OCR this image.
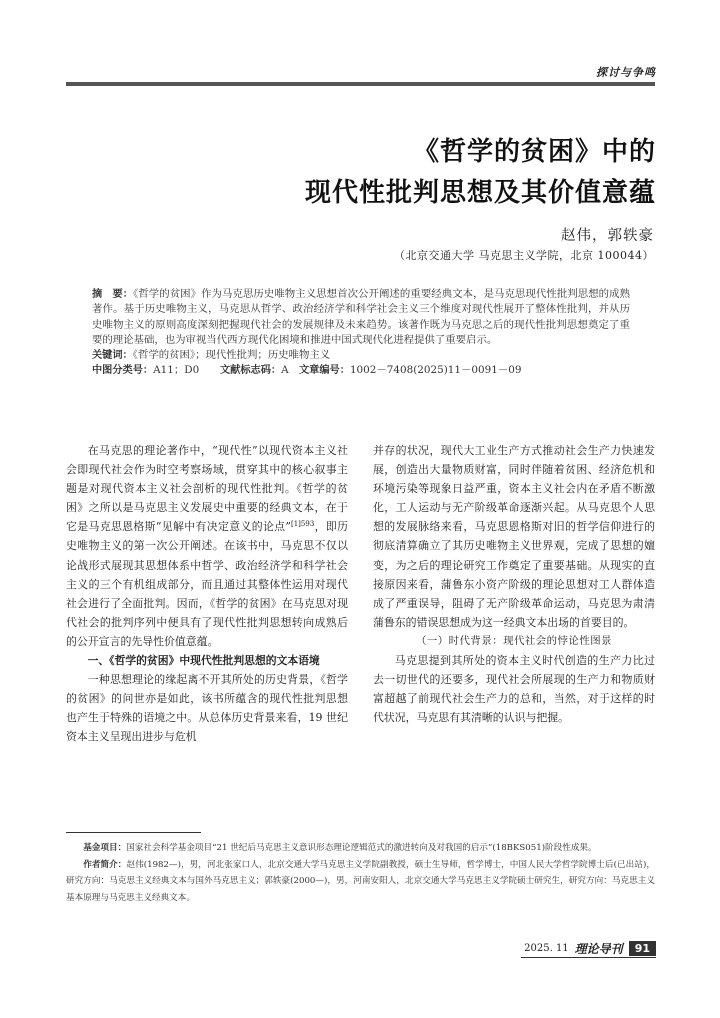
探讨与争鸣
《哲学的贫困》中的
现代性批判思想及其价值意蕴
赵伟，郭轶豪
（北京交通大学 马克思主义学院，北京 100044）

摘　要：《哲学的贫困》作为马克思历史唯物主义思想首次公开阐述的重要经典文本，是马克思现代性批判思想的成熟著作。基于历史唯物主义，马克思从哲学、政治经济学和科学社会主义三个维度对现代性展开了整体性批判，并从历史唯物主义的原则高度深刻把握现代社会的发展规律及未来趋势。该著作既为马克思之后的现代性批判思想奠定了重要的理论基础，也为审视当代西方现代化困境和推进中国式现代化进程提供了重要启示。

关键词：《哲学的贫困》；现代性批判；历史唯物主义

中图分类号：A11；D0　　 文献标志码：A　 文章编号：1002－7408(2025)11－0091－09

在马克思的理论著作中，“现代性”以现代资本主义社会即现代社会作为时空考察场域，贯穿其中的核心叙事主题是对现代资本主义社会剖析的现代性批判。《哲学的贫困》之所以是马克思主义发展史中重要的经典文本，在于它是马克思恩格斯“见解中有决定意义的论点”$^{[1]593}$，即历史唯物主义的第一次公开阐述。在该书中，马克思不仅以论战形式展现其思想体系中哲学、政治经济学和科学社会主义的三个有机组成部分，而且通过其整体性运用对现代社会进行了全面批判。因而，《哲学的贫困》在马克思对现代社会的批判序列中便具有了现代性批判思想转向成熟后的公开宣言的先导性价值意蕴。

一、《哲学的贫困》中现代性批判思想的文本语境

一种思想理论的缘起离不开其所处的历史背景，《哲学的贫困》的问世亦是如此，该书所蕴含的现代性批判思想也产生于特殊的语境之中。从总体历史背景来看，19 世纪资本主义呈现出进步与危机

并存的状况，现代大工业生产方式推动社会生产力快速发展，创造出大量物质财富，同时伴随着贫困、经济危机和环境污染等现象日益严重，资本主义社会内在矛盾不断激化，工人运动与无产阶级革命逐渐兴起。从马克思个人思想的发展脉络来看，马克思恩格斯对旧的哲学信仰进行的彻底清算确立了其历史唯物主义世界观，完成了思想的嬗变，为之后的理论研究工作奠定了重要基础。从现实的直接原因来看，蒲鲁东小资产阶级的理论思想对工人群体造成了严重误导，阻碍了无产阶级革命运动，马克思为肃清蒲鲁东的错误思想成为这一经典文本出场的首要目的。

（一）时代背景：现代社会的悖论性图景

马克思提到其所处的资本主义时代创造的生产力比过去一切世代的还要多，现代社会所展现的生产力和物质财富超越了前现代社会生产力的总和，当然，对于这样的时代状况，马克思有其清晰的认识与把握。

基金项目：国家社会科学基金项目“21 世纪后马克思主义意识形态理论逻辑范式的激进转向及对我国的启示”(18BKS051)阶段性成果。

作者简介：赵伟(1982—)，男，河北张家口人，北京交通大学马克思主义学院副教授，硕士生导师，哲学博士，中国人民大学哲学院博士后(已出站)，研究方向：马克思主义经典文本与国外马克思主义；郭轶豪(2000—)，男，河南安阳人，北京交通大学马克思主义学院硕士研究生，研究方向：马克思主义基本原理与马克思主义经典文本。

2025. 11 理论导刊	91
